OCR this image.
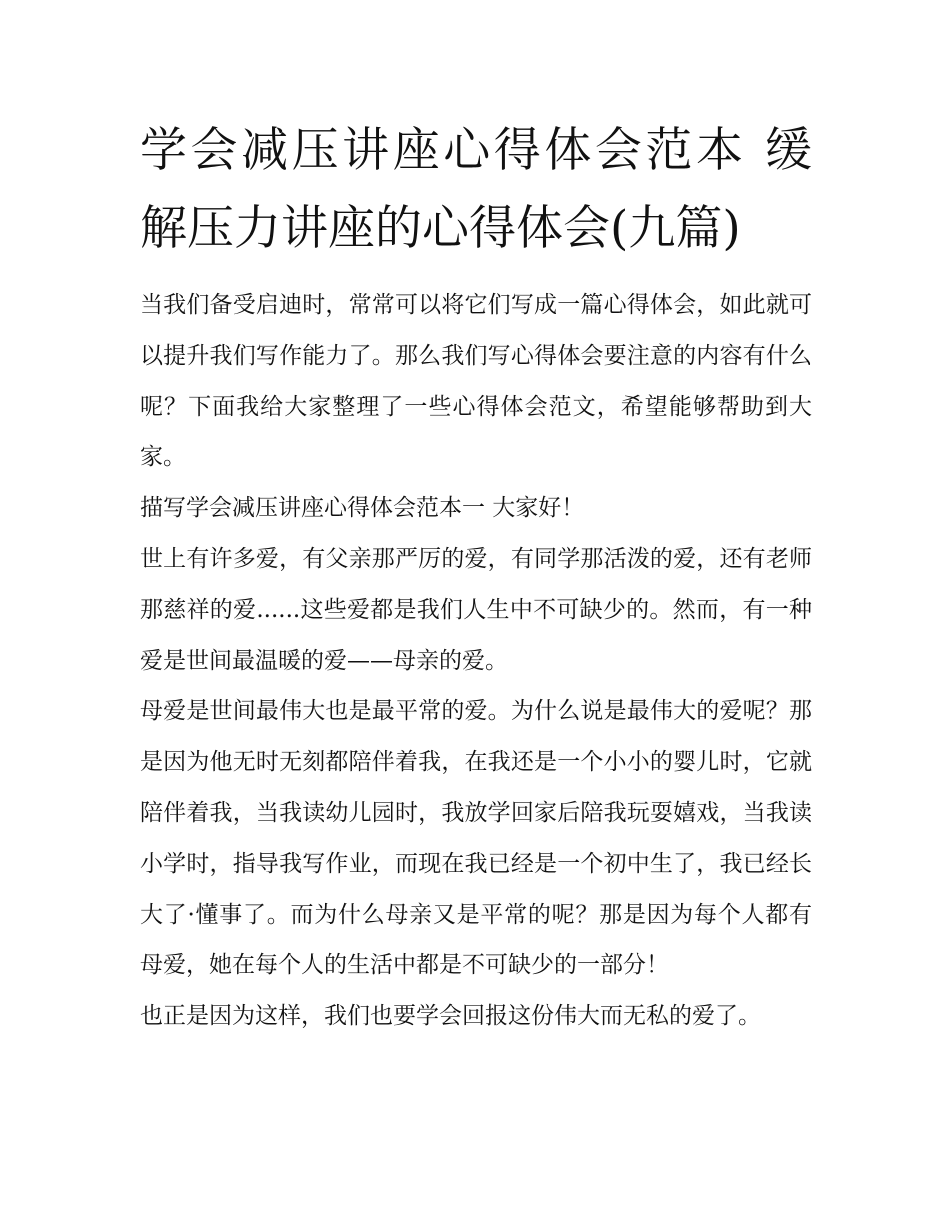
学会减压讲座心得体会范本 缓解压力讲座的心得体会(九篇)

当我们备受启迪时，常常可以将它们写成一篇心得体会，如此就可以提升我们写作能力了。那么我们写心得体会要注意的内容有什么呢？下面我给大家整理了一些心得体会范文，希望能够帮助到大家。

描写学会减压讲座心得体会范本一 大家好！

世上有许多爱，有父亲那严厉的爱，有同学那活泼的爱，还有老师那慈祥的爱......这些爱都是我们人生中不可缺少的。然而，有一种爱是世间最温暖的爱——母亲的爱。

母爱是世间最伟大也是最平常的爱。为什么说是最伟大的爱呢？那是因为他无时无刻都陪伴着我，在我还是一个小小的婴儿时，它就陪伴着我，当我读幼儿园时，我放学回家后陪我玩耍嬉戏，当我读小学时，指导我写作业，而现在我已经是一个初中生了，我已经长大了·懂事了。而为什么母亲又是平常的呢？那是因为每个人都有母爱，她在每个人的生活中都是不可缺少的一部分！

也正是因为这样，我们也要学会回报这份伟大而无私的爱了。
